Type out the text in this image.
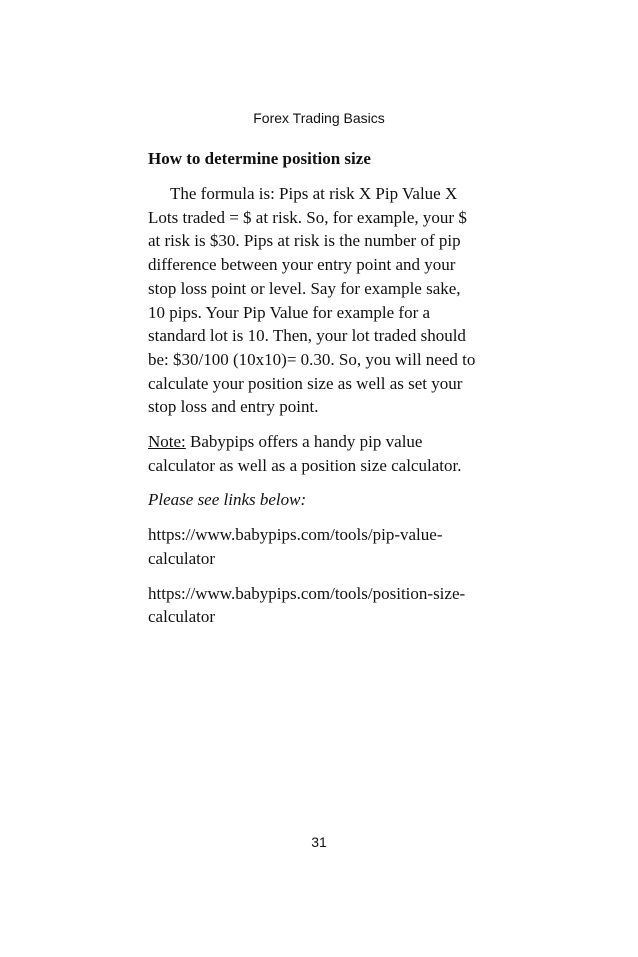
Forex Trading Basics
How to determine position size
The formula is: Pips at risk X Pip Value X
Lots traded = $ at risk. So, for example, your $
at risk is $30. Pips at risk is the number of pip
difference between your entry point and your
stop loss point or level. Say for example sake,
10 pips. Your Pip Value for example for a
standard lot is 10. Then, your lot traded should
be: $30/100 (10x10)= 0.30. So, you will need to
calculate your position size as well as set your
stop loss and entry point.
Note: Babypips offers a handy pip value
calculator as well as a position size calculator.
Please see links below:
https://www.babypips.com/tools/pip-value-
calculator
https://www.babypips.com/tools/position-size-
calculator
31
